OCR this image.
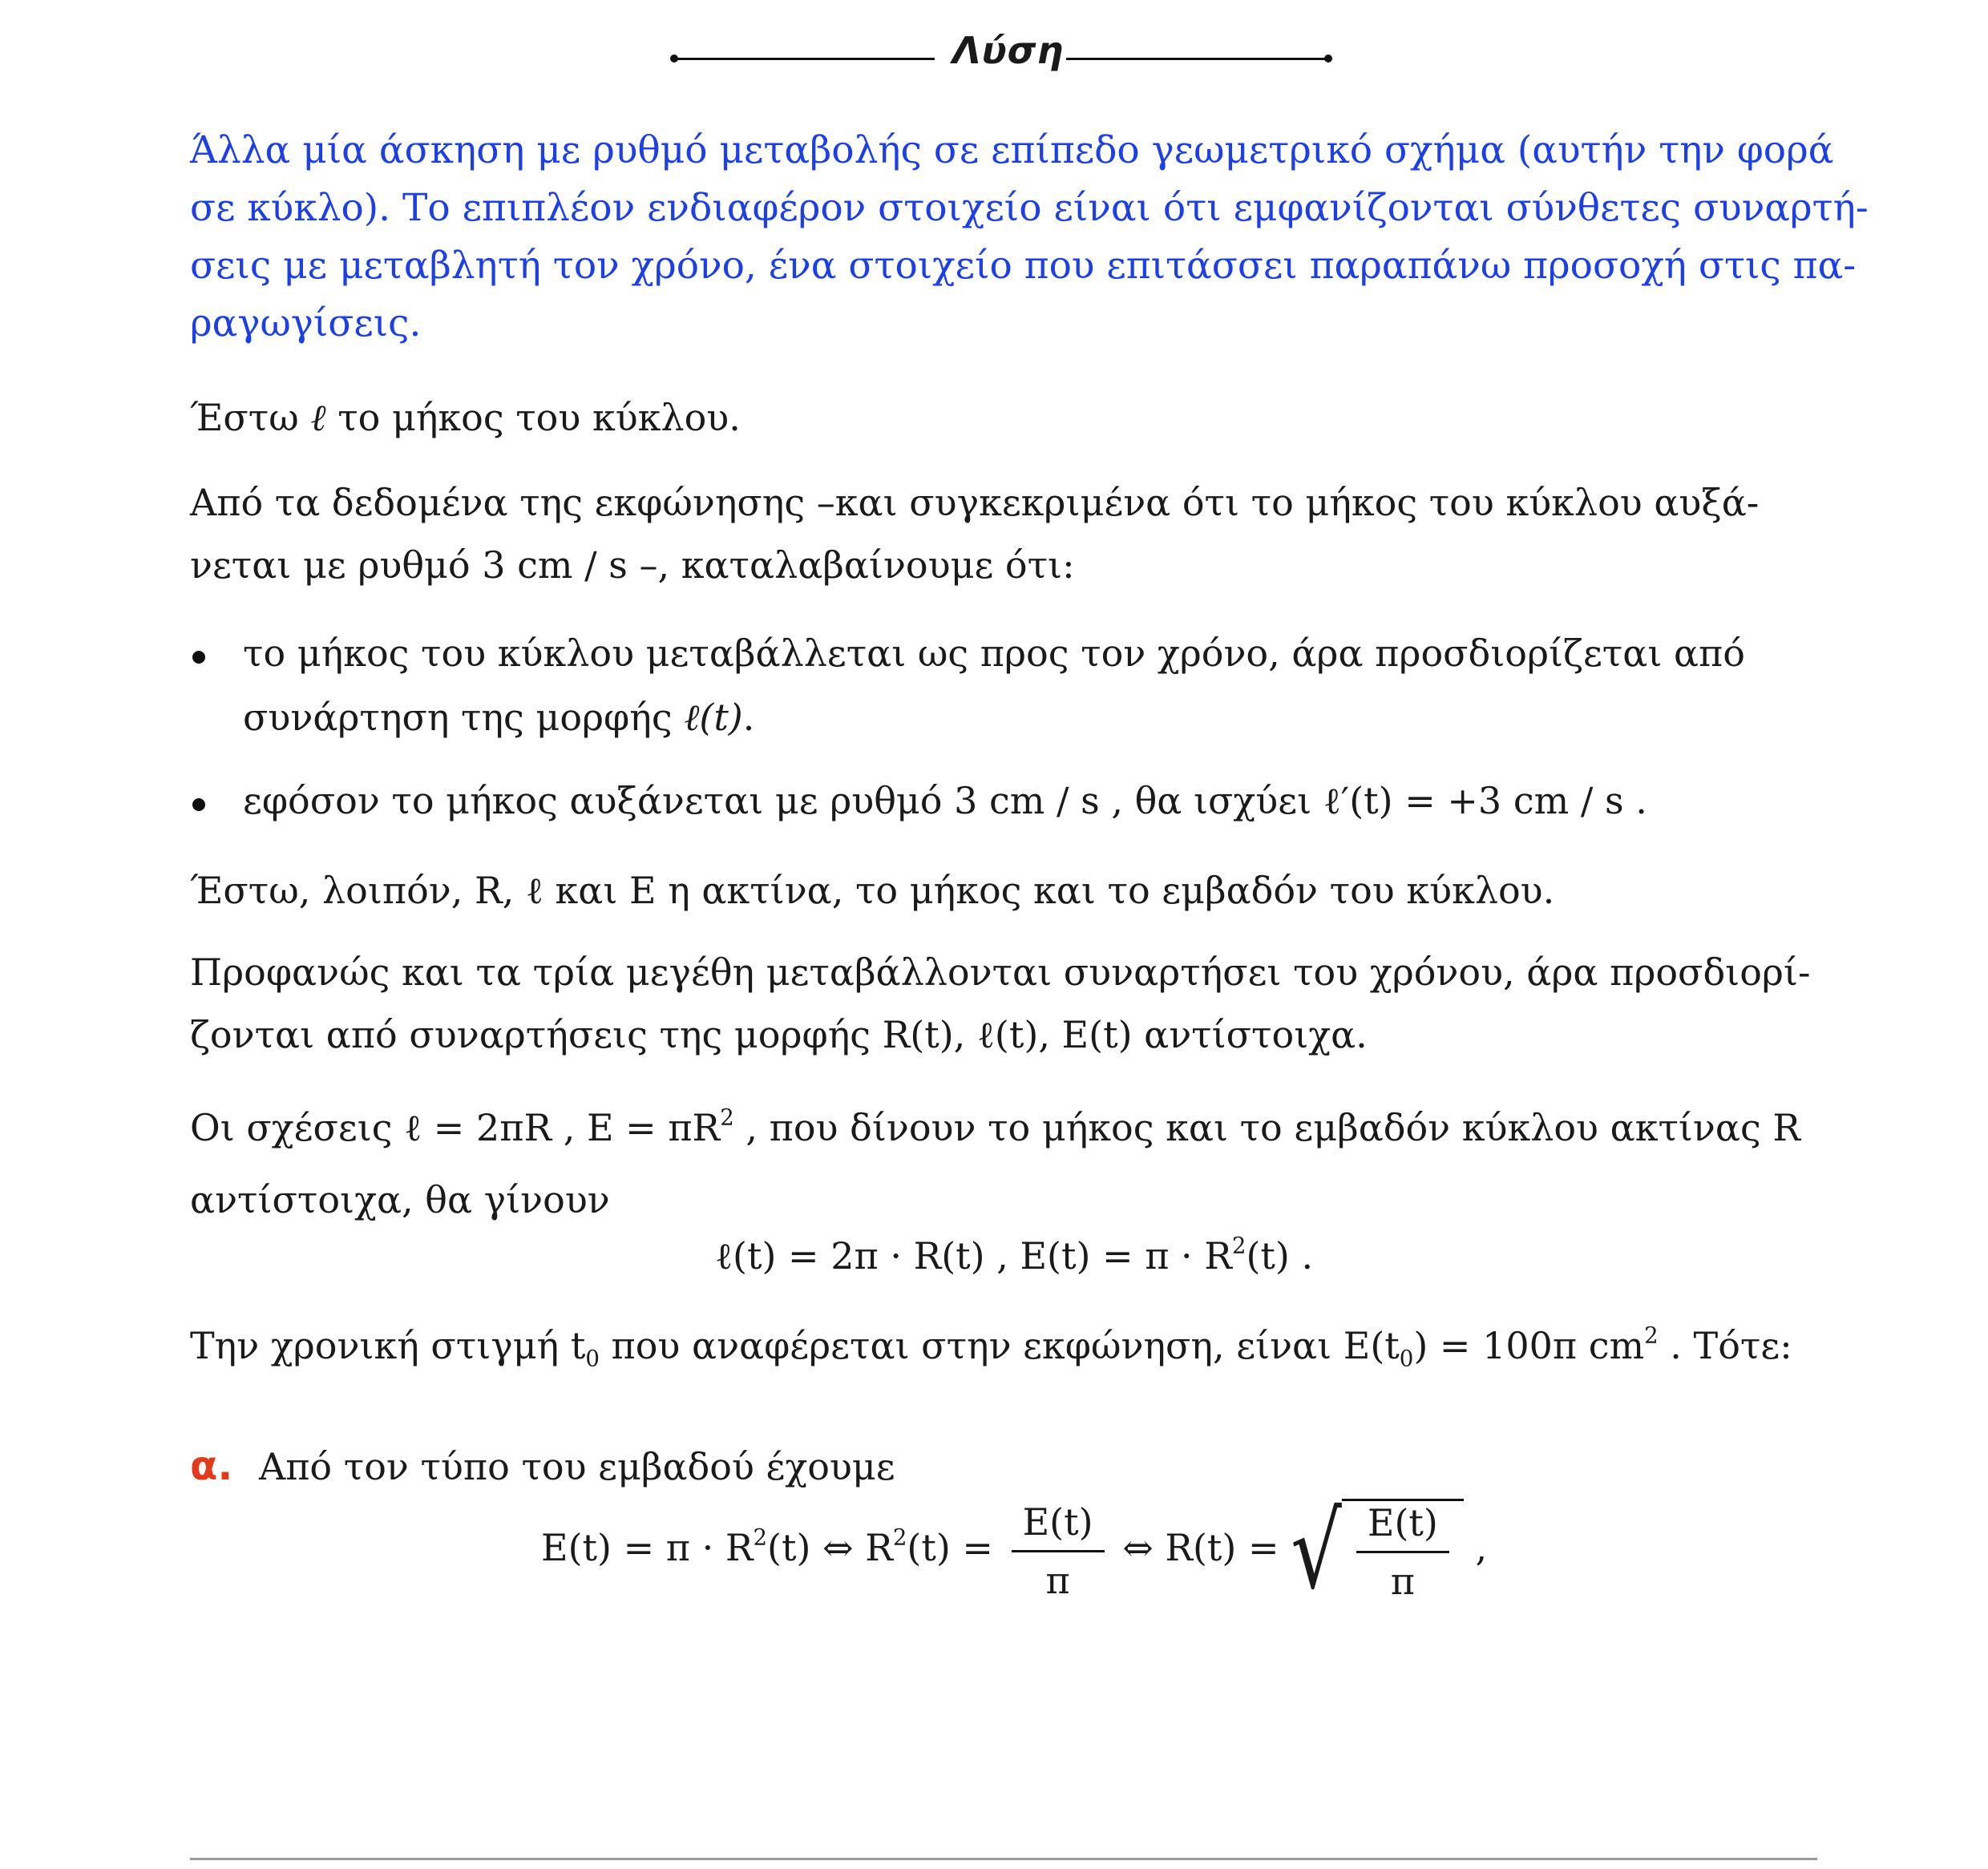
Λύση
Άλλα μία άσκηση με ρυθμό μεταβολής σε επίπεδο γεωμετρικό σχήμα (αυτήν την φορά
σε κύκλο). Το επιπλέον ενδιαφέρον στοιχείο είναι ότι εμφανίζονται σύνθετες συναρτή-
σεις με μεταβλητή τον χρόνο, ένα στοιχείο που επιτάσσει παραπάνω προσοχή στις πα-
ραγωγίσεις.
Έστω ℓ το μήκος του κύκλου.
Από τα δεδομένα της εκφώνησης –και συγκεκριμένα ότι το μήκος του κύκλου αυξά-
νεται με ρυθμό 3 cm / s –, καταλαβαίνουμε ότι:
το μήκος του κύκλου μεταβάλλεται ως προς τον χρόνο, άρα προσδιορίζεται από
συνάρτηση της μορφής ℓ(t).
εφόσον το μήκος αυξάνεται με ρυθμό 3 cm / s , θα ισχύει ℓ′(t) = +3 cm / s .
Έστω, λοιπόν, R, ℓ και Ε η ακτίνα, το μήκος και το εμβαδόν του κύκλου.
Προφανώς και τα τρία μεγέθη μεταβάλλονται συναρτήσει του χρόνου, άρα προσδιορί-
ζονται από συναρτήσεις της μορφής R(t), ℓ(t), E(t) αντίστοιχα.
Οι σχέσεις ℓ = 2πR , $E = \pi R^2$ , που δίνουν το μήκος και το εμβαδόν κύκλου ακτίνας R
αντίστοιχα, θα γίνουν
ℓ(t) = 2π · R(t) , $E(t) = \pi \cdot R^2(t)$ .
Την χρονική στιγμή $t_0$ που αναφέρεται στην εκφώνηση, είναι $E(t_0) = 100\pi$ $cm^2$ . Τότε:
α. Από τον τύπο του εμβαδού έχουμε
$E(t) = \pi \cdot R^2(t)$ ⇔ $R^2(t) = \frac{E(t)}{\pi}$ ⇔ R(t) = √ $\frac{E(t)}{\pi}$ ,
